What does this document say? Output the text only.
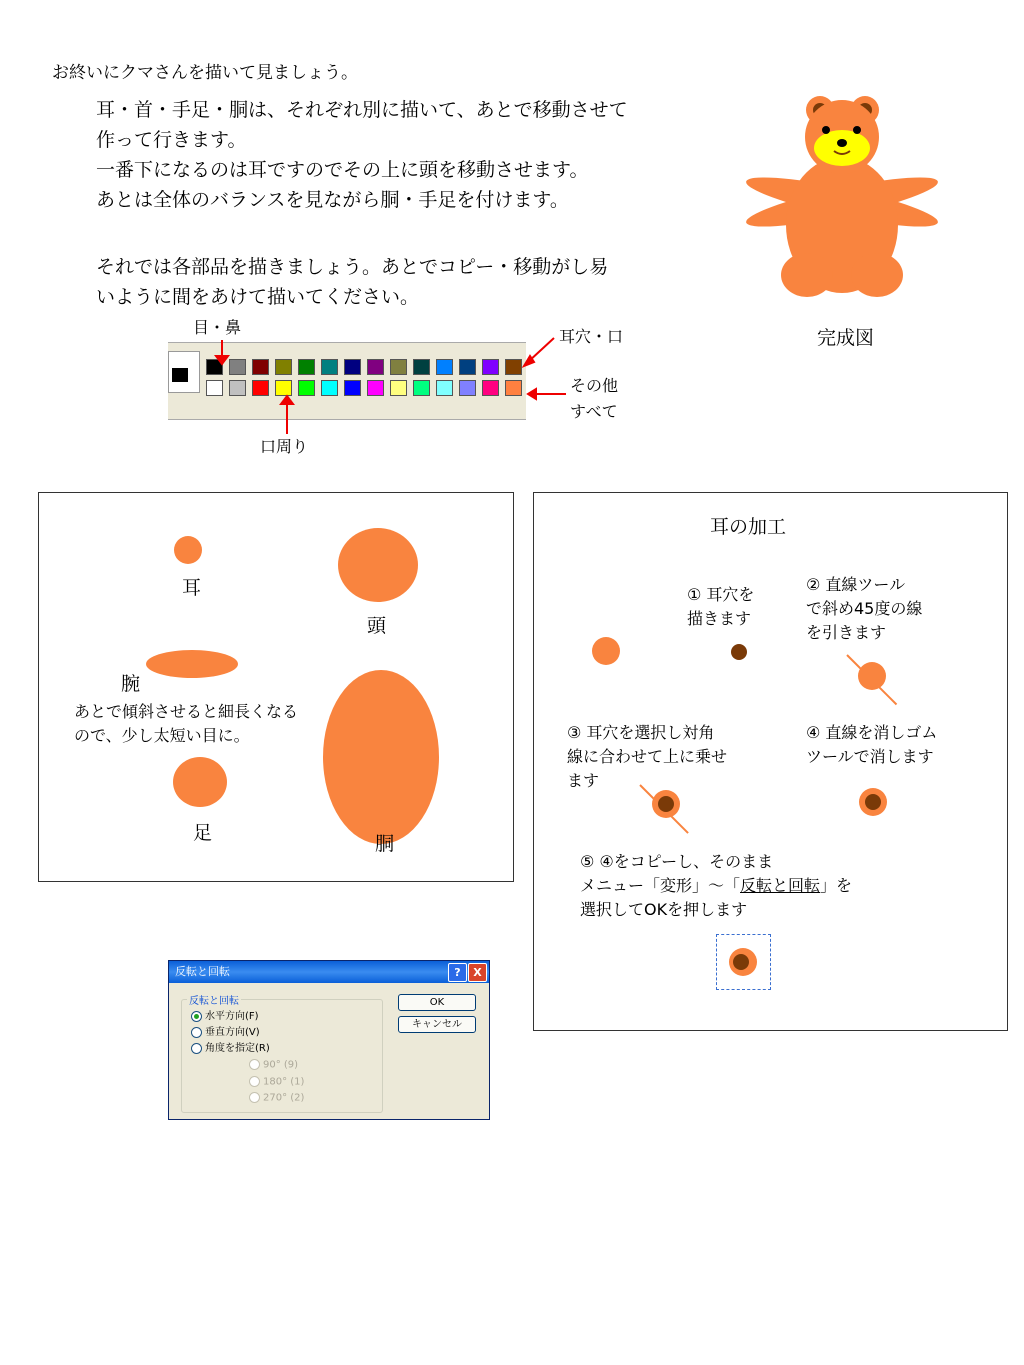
お終いにクマさんを描いて見ましょう。
耳・首・手足・胴は、それぞれ別に描いて、あとで移動させて
作って行きます。
一番下になるのは耳ですのでその上に頭を移動させます。
あとは全体のバランスを見ながら胴・手足を付けます。
それでは各部品を描きましょう。あとでコピー・移動がし易
いように間をあけて描いてください。
完成図
目・鼻	耳穴・口
その他
すべて
口周り
耳
頭
腕
あとで傾斜させると細長くなる
ので、少し太短い目に。
足	胴
耳の加工
① 耳穴を
描きます
② 直線ツール
で斜め45度の線
を引きます
③ 耳穴を選択し対角
線に合わせて上に乗せ
ます
④ 直線を消しゴム
ツールで消します
⑤ ④をコピーし、そのまま
メニュー「変形」〜「反転と回転」を
選択してOKを押します
反転と回転	?	X
反転と回転
水平方向(F)
垂直方向(V)
角度を指定(R)
90° (9)
180° (1)
270° (2)
OK
キャンセル
